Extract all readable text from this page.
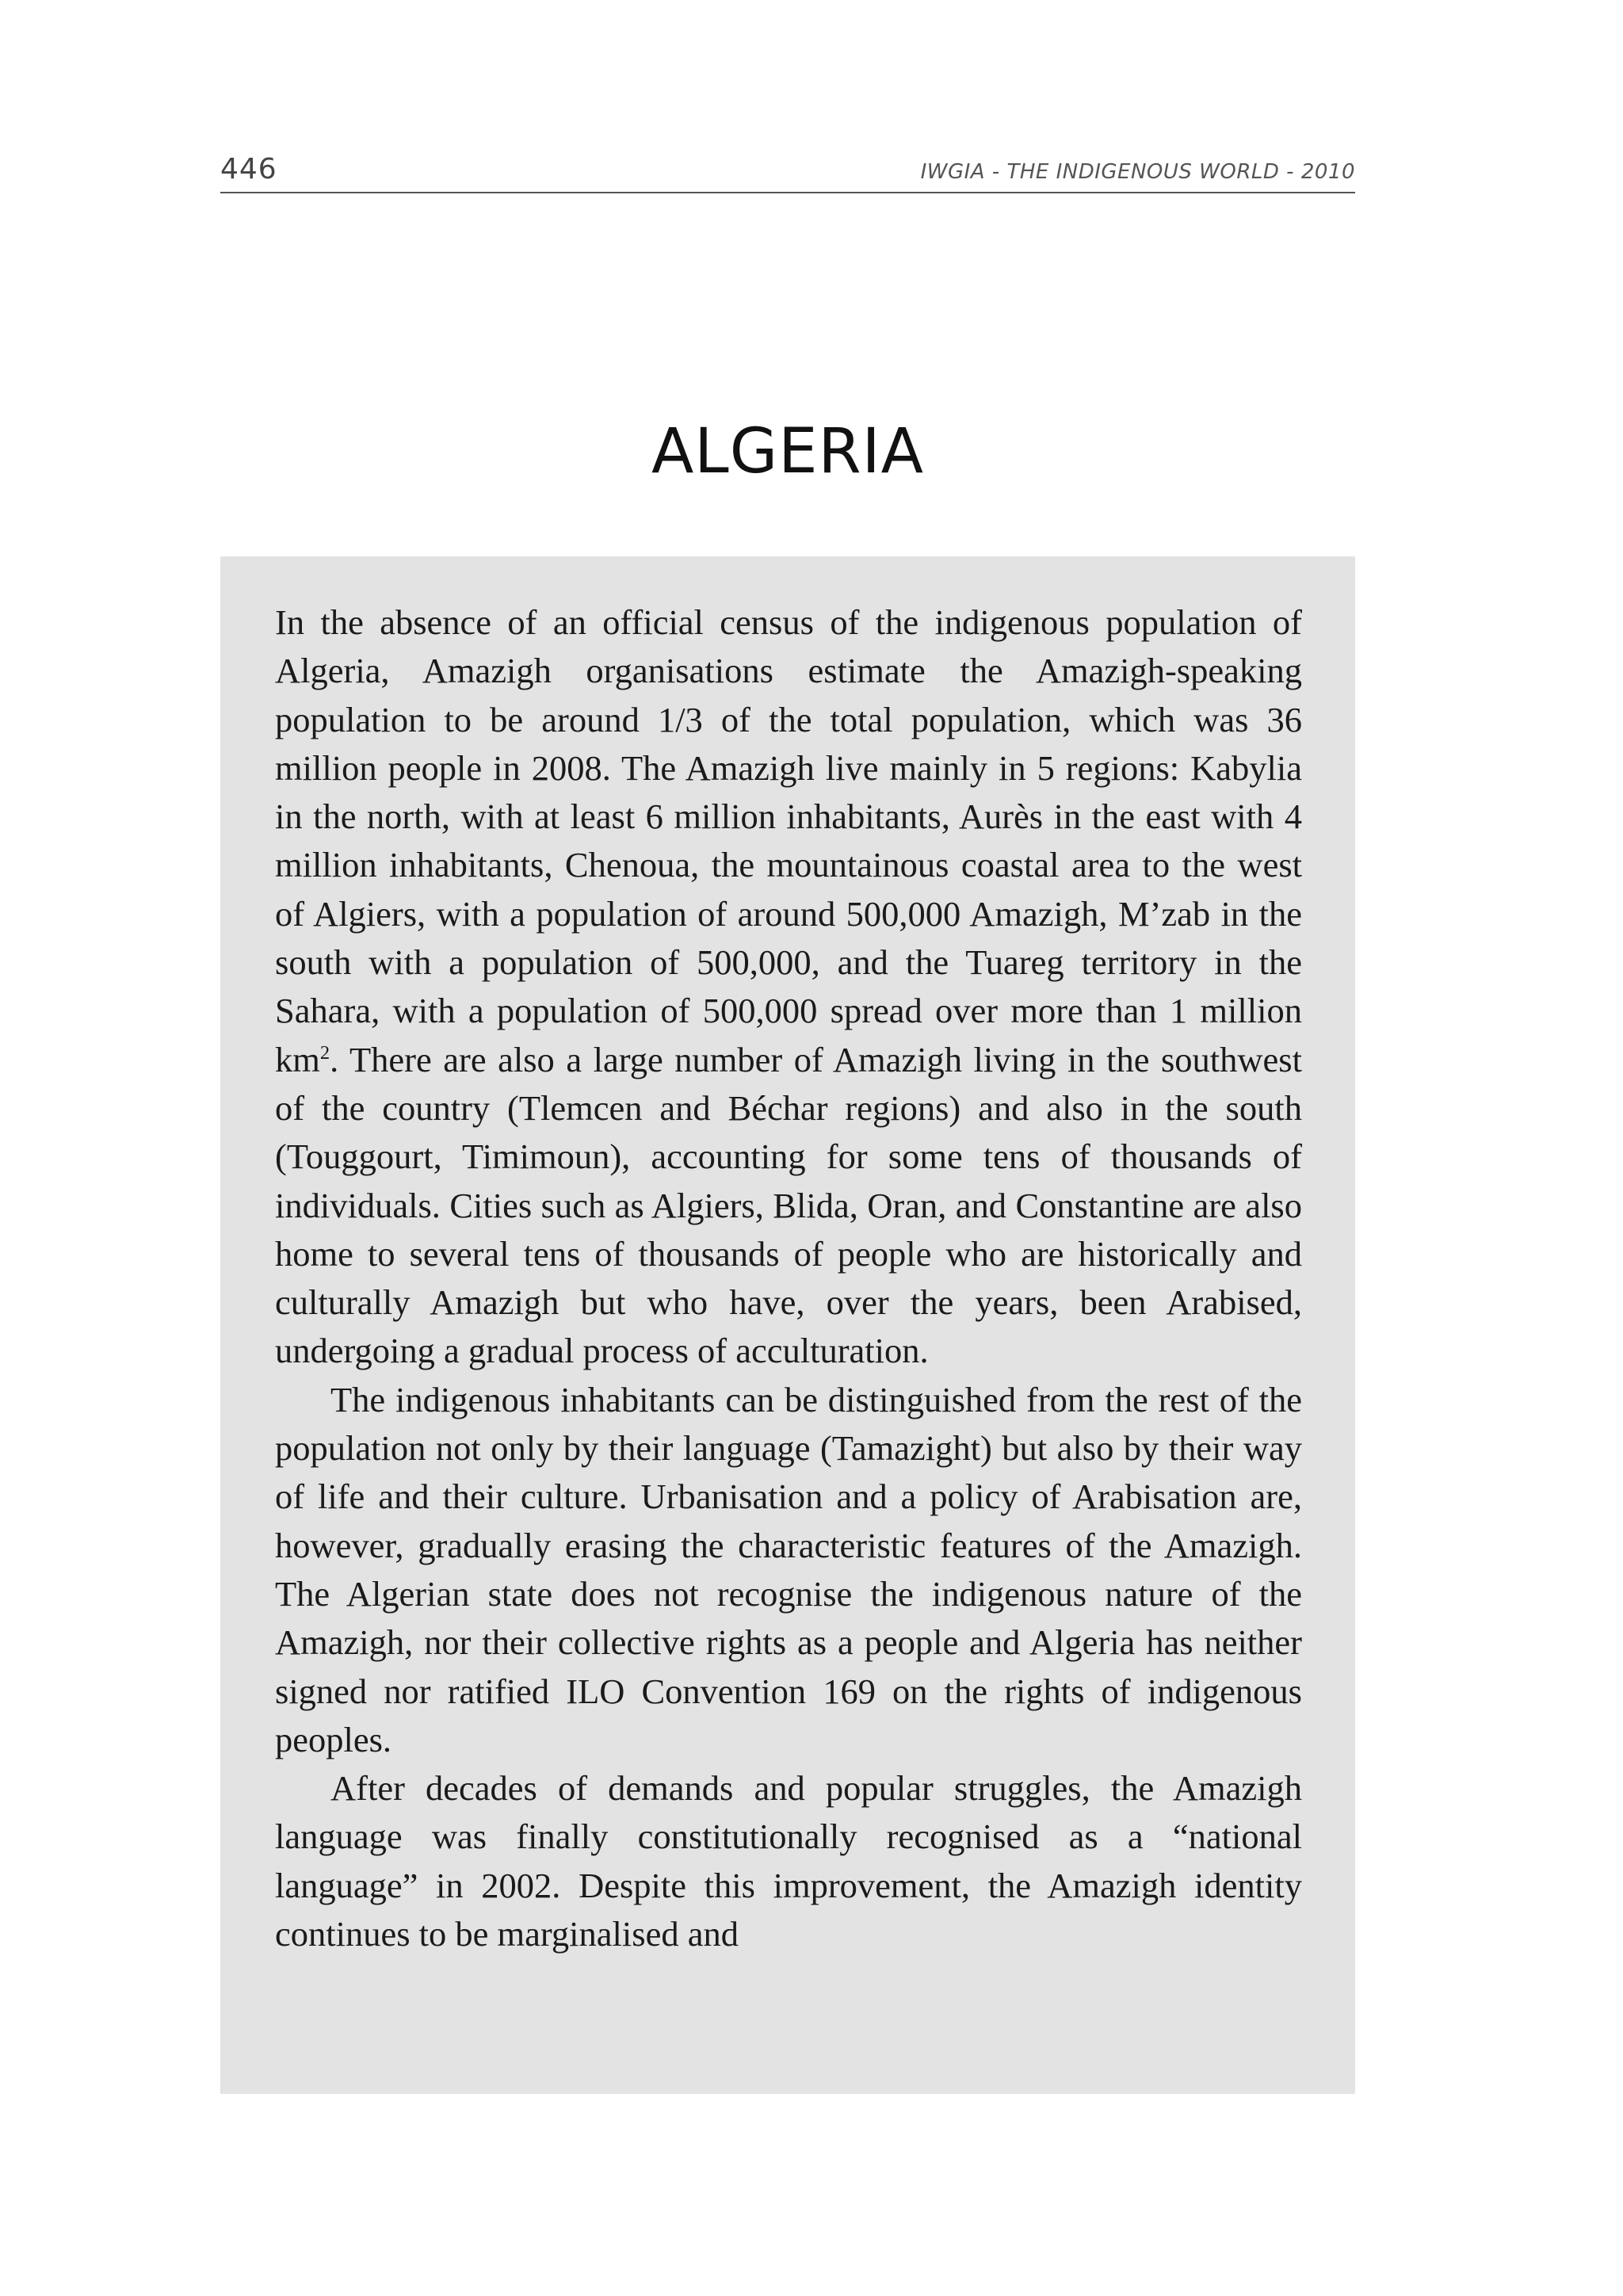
446	IWGIA - THE INDIGENOUS WORLD - 2010
ALGERIA

In the absence of an official census of the indigenous population of Algeria, Amazigh organisations estimate the Amazigh-speaking population to be around 1/3 of the total population, which was 36 million people in 2008. The Amazigh live mainly in 5 regions: Kabylia in the north, with at least 6 million inhabitants, Aurès in the east with 4 million inhabitants, Chenoua, the mountainous coastal area to the west of Algiers, with a population of around 500,000 Amazigh, M’zab in the south with a population of 500,000, and the Tuareg territory in the Sahara, with a population of 500,000 spread over more than 1 million $km^2$. There are also a large number of Amazigh living in the southwest of the country (Tlemcen and Béchar regions) and also in the south (Touggourt, Timimoun), accounting for some tens of thousands of individuals. Cities such as Algiers, Blida, Oran, and Constantine are also home to several tens of thousands of people who are historically and culturally Amazigh but who have, over the years, been Arabised, undergoing a gradual process of acculturation.

The indigenous inhabitants can be distinguished from the rest of the population not only by their language (Tamazight) but also by their way of life and their culture. Urbanisation and a policy of Arabisation are, however, gradually erasing the characteristic features of the Amazigh. The Algerian state does not recognise the indigenous nature of the Amazigh, nor their collective rights as a people and Algeria has neither signed nor ratified ILO Convention 169 on the rights of indigenous peoples.

After decades of demands and popular struggles, the Amazigh language was finally constitutionally recognised as a “national language” in 2002. Despite this improvement, the Amazigh identity continues to be marginalised and
